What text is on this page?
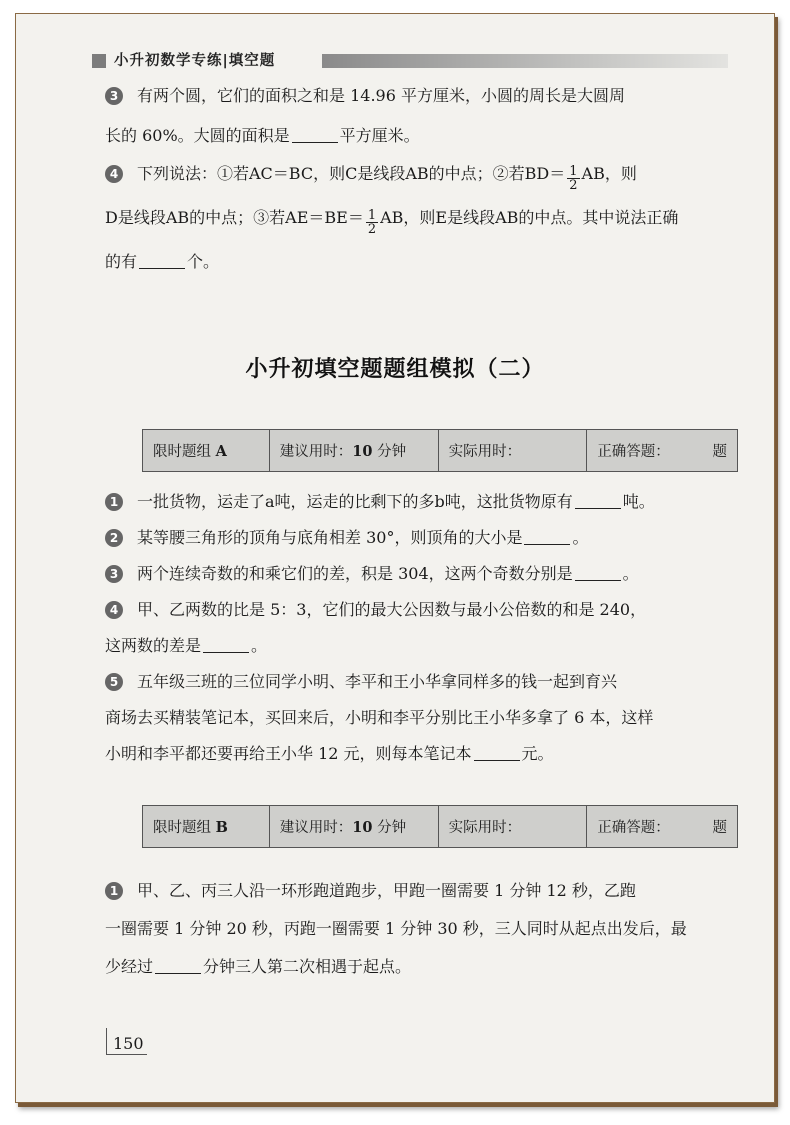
小升初数学专练|填空题

3 有两个圆，它们的面积之和是 14.96 平方厘米，小圆的周长是大圆周
长的 60%。大圆的面积是	平方厘米。

4 下列说法：①若AC＝BC，则C是线段AB的中点；②若$BD= \frac{1}{2}$ AB，则
D是线段AB的中点；③若$AE=BE= \frac{1}{2}$ AB，则E是线段AB的中点。其中说法正确
的有	个。

小升初填空题题组模拟（二）
限时题组 A	建议用时：10 分钟	实际用时：	正确答题：	题

1 一批货物，运走了a吨，运走的比剩下的多b吨，这批货物原有	吨。
2 某等腰三角形的顶角与底角相差 30°，则顶角的大小是	。
3 两个连续奇数的和乘它们的差，积是 304，这两个奇数分别是	。
4 甲、乙两数的比是 5：3，它们的最大公因数与最小公倍数的和是 240，
这两数的差是	。
5 五年级三班的三位同学小明、李平和王小华拿同样多的钱一起到育兴
商场去买精装笔记本，买回来后，小明和李平分别比王小华多拿了 6 本，这样
小明和李平都还要再给王小华 12 元，则每本笔记本	元。

限时题组 B	建议用时：10 分钟	实际用时：	正确答题：	题

1 甲、乙、丙三人沿一环形跑道跑步，甲跑一圈需要 1 分钟 12 秒，乙跑
一圈需要 1 分钟 20 秒，丙跑一圈需要 1 分钟 30 秒，三人同时从起点出发后，最
少经过	分钟三人第二次相遇于起点。

150
